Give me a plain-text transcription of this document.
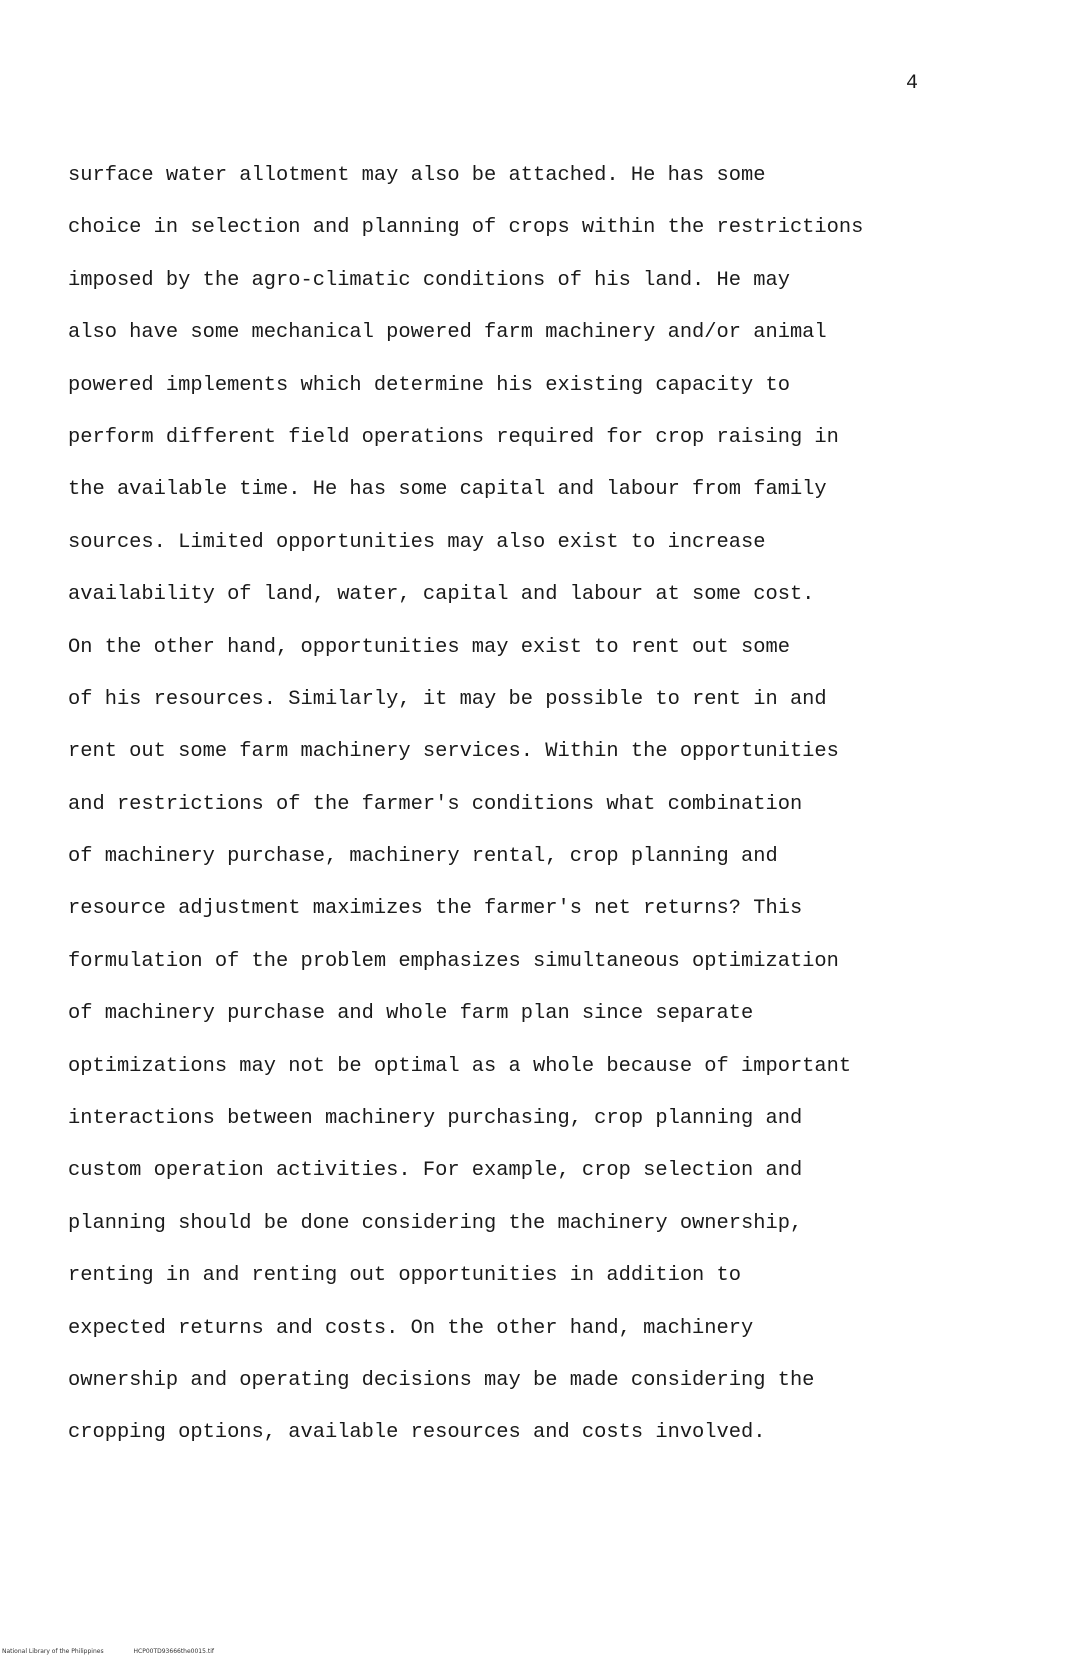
4
surface water allotment may also be attached. He has some
choice in selection and planning of crops within the restrictions
imposed by the agro-climatic conditions of his land. He may
also have some mechanical powered farm machinery and/or animal
powered implements which determine his existing capacity to
perform different field operations required for crop raising in
the available time. He has some capital and labour from family
sources. Limited opportunities may also exist to increase
availability of land, water, capital and labour at some cost.
On the other hand, opportunities may exist to rent out some
of his resources. Similarly, it may be possible to rent in and
rent out some farm machinery services. Within the opportunities
and restrictions of the farmer's conditions what combination
of machinery purchase, machinery rental, crop planning and
resource adjustment maximizes the farmer's net returns? This
formulation of the problem emphasizes simultaneous optimization
of machinery purchase and whole farm plan since separate
optimizations may not be optimal as a whole because of important
interactions between machinery purchasing, crop planning and
custom operation activities. For example, crop selection and
planning should be done considering the machinery ownership,
renting in and renting out opportunities in addition to
expected returns and costs. On the other hand, machinery
ownership and operating decisions may be made considering the
cropping options, available resources and costs involved.
National Library of the Philippines	HCP00TD93666the0015.tif
